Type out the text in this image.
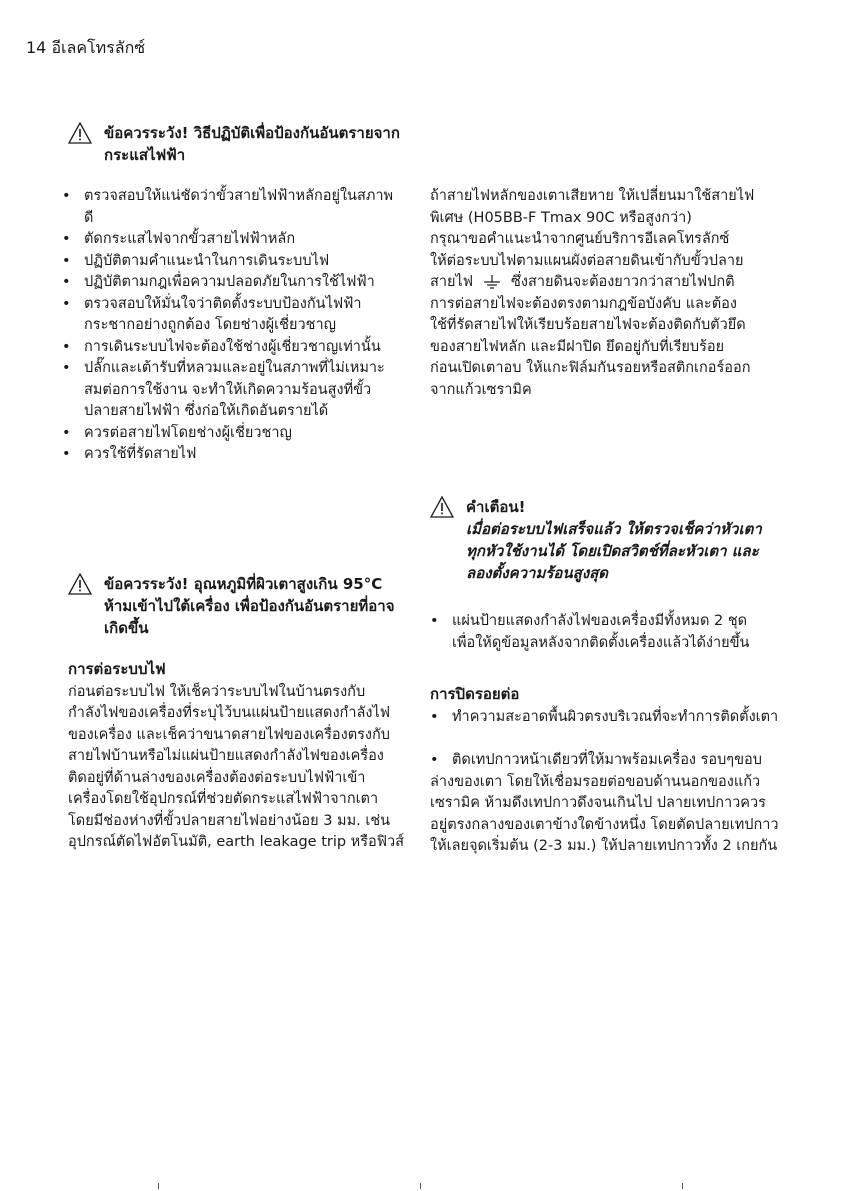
14 อีเลคโทรลักซ์
ข้อควรระวัง! วิธีปฏิบัติเพื่อป้องกันอันตรายจาก
กระแสไฟฟ้า
• ตรวจสอบให้แน่ชัดว่าขั้วสายไฟฟ้าหลักอยู่ในสภาพดี
• ตัดกระแสไฟจากขั้วสายไฟฟ้าหลัก
• ปฏิบัติตามคำแนะนำในการเดินระบบไฟ
• ปฏิบัติตามกฎเพื่อความปลอดภัยในการใช้ไฟฟ้า
• ตรวจสอบให้มั่นใจว่าติดตั้งระบบป้องกันไฟฟ้า
กระชากอย่างถูกต้อง โดยช่างผู้เชี่ยวชาญ
• การเดินระบบไฟจะต้องใช้ช่างผู้เชี่ยวชาญเท่านั้น
• ปลั๊กและเต้ารับที่หลวมและอยู่ในสภาพที่ไม่เหมาะ
สมต่อการใช้งาน จะทำให้เกิดความร้อนสูงที่ขั้ว
ปลายสายไฟฟ้า ซึ่งก่อให้เกิดอันตรายได้
• ควรต่อสายไฟโดยช่างผู้เชี่ยวชาญ
• ควรใช้ที่รัดสายไฟ
ข้อควรระวัง! อุณหภูมิที่ผิวเตาสูงเกิน 95°C
ห้ามเข้าไปใต้เครื่อง เพื่อป้องกันอันตรายที่อาจ
เกิดขึ้น
การต่อระบบไฟ
ก่อนต่อระบบไฟ ให้เช็คว่าระบบไฟในบ้านตรงกับ
กำลังไฟของเครื่องที่ระบุไว้บนแผ่นป้ายแสดงกำลังไฟ
ของเครื่อง และเช็คว่าขนาดสายไฟของเครื่องตรงกับ
สายไฟบ้านหรือไม่แผ่นป้ายแสดงกำลังไฟของเครื่อง
ติดอยู่ที่ด้านล่างของเครื่องต้องต่อระบบไฟฟ้าเข้า
เครื่องโดยใช้อุปกรณ์ที่ช่วยตัดกระแสไฟฟ้าจากเตา
โดยมีช่องห่างที่ขั้วปลายสายไฟอย่างน้อย 3 มม. เช่น
อุปกรณ์ตัดไฟอัตโนมัติ, earth leakage trip หรือฟิวส์
ถ้าสายไฟหลักของเตาเสียหาย ให้เปลี่ยนมาใช้สายไฟ
พิเศษ (H05BB-F Tmax 90C หรือสูงกว่า)
กรุณาขอคำแนะนำจากศูนย์บริการอีเลคโทรลักซ์
ให้ต่อระบบไฟตามแผนผังต่อสายดินเข้ากับขั้วปลาย
สายไฟ	ซึ่งสายดินจะต้องยาวกว่าสายไฟปกติ
การต่อสายไฟจะต้องตรงตามกฎข้อบังคับ และต้อง
ใช้ที่รัดสายไฟให้เรียบร้อยสายไฟจะต้องติดกับตัวยึด
ของสายไฟหลัก และมีฝาปิด ยึดอยู่กับที่เรียบร้อย
ก่อนเปิดเตาอบ ให้แกะฟิล์มกันรอยหรือสติกเกอร์ออก
จากแก้วเซรามิค
คำเตือน!
เมื่อต่อระบบไฟเสร็จแล้ว ให้ตรวจเช็คว่าหัวเตา
ทุกหัวใช้งานได้ โดยเปิดสวิตช์ที่ละหัวเตา และ
ลองตั้งความร้อนสูงสุด
• แผ่นป้ายแสดงกำลังไฟของเครื่องมีทั้งหมด 2 ชุด
เพื่อให้ดูข้อมูลหลังจากติดตั้งเครื่องแล้วได้ง่ายขึ้น
การปิดรอยต่อ
• ทำความสะอาดพื้นผิวตรงบริเวณที่จะทำการติดตั้งเตา
• ติดเทปกาวหน้าเดียวที่ให้มาพร้อมเครื่อง รอบๆขอบ
ล่างของเตา โดยให้เชื่อมรอยต่อขอบด้านนอกของแก้ว
เซรามิค ห้ามดึงเทปกาวดึงจนเกินไป ปลายเทปกาวควร
อยู่ตรงกลางของเตาข้างใดข้างหนึ่ง โดยตัดปลายเทปกาว
ให้เลยจุดเริ่มต้น (2-3 มม.) ให้ปลายเทปกาวทั้ง 2 เกยกัน
